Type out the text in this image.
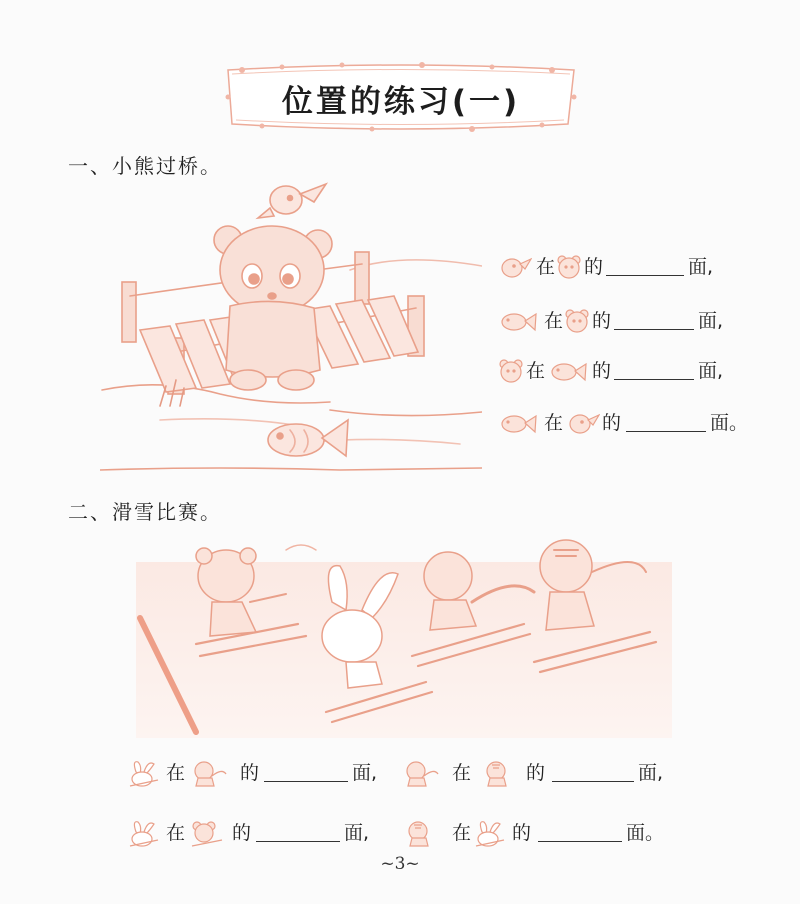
位置的练习(一)
一、小熊过桥。
在 的	面,
在 的	面,
在 的	面,
在 的	面。
二、滑雪比赛。
在	的	面,	在	的	面,
在 的	面,	在 的	面。
~3~
